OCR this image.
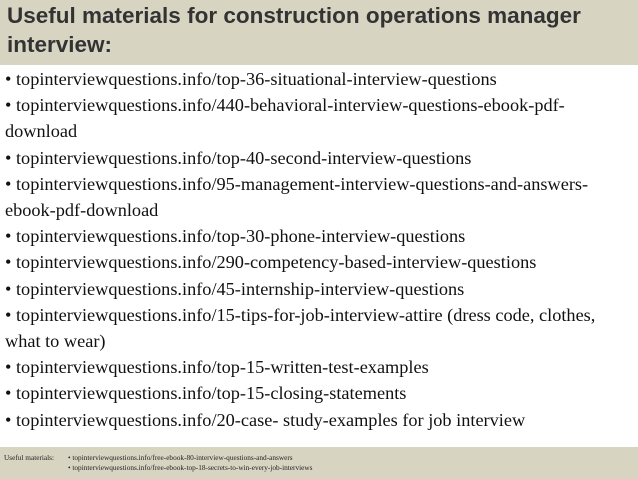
Useful materials for construction operations manager interview:
• topinterviewquestions.info/top-36-situational-interview-questions
• topinterviewquestions.info/440-behavioral-interview-questions-ebook-pdf-download
• topinterviewquestions.info/top-40-second-interview-questions
• topinterviewquestions.info/95-management-interview-questions-and-answers-ebook-pdf-download
• topinterviewquestions.info/top-30-phone-interview-questions
• topinterviewquestions.info/290-competency-based-interview-questions
• topinterviewquestions.info/45-internship-interview-questions
• topinterviewquestions.info/15-tips-for-job-interview-attire (dress code, clothes, what to wear)
• topinterviewquestions.info/top-15-written-test-examples
• topinterviewquestions.info/top-15-closing-statements
• topinterviewquestions.info/20-case- study-examples for job interview
Useful materials: • topinterviewquestions.info/free-ebook-80-interview-questions-and-answers
• topinterviewquestions.info/free-ebook-top-18-secrets-to-win-every-job-interviews
